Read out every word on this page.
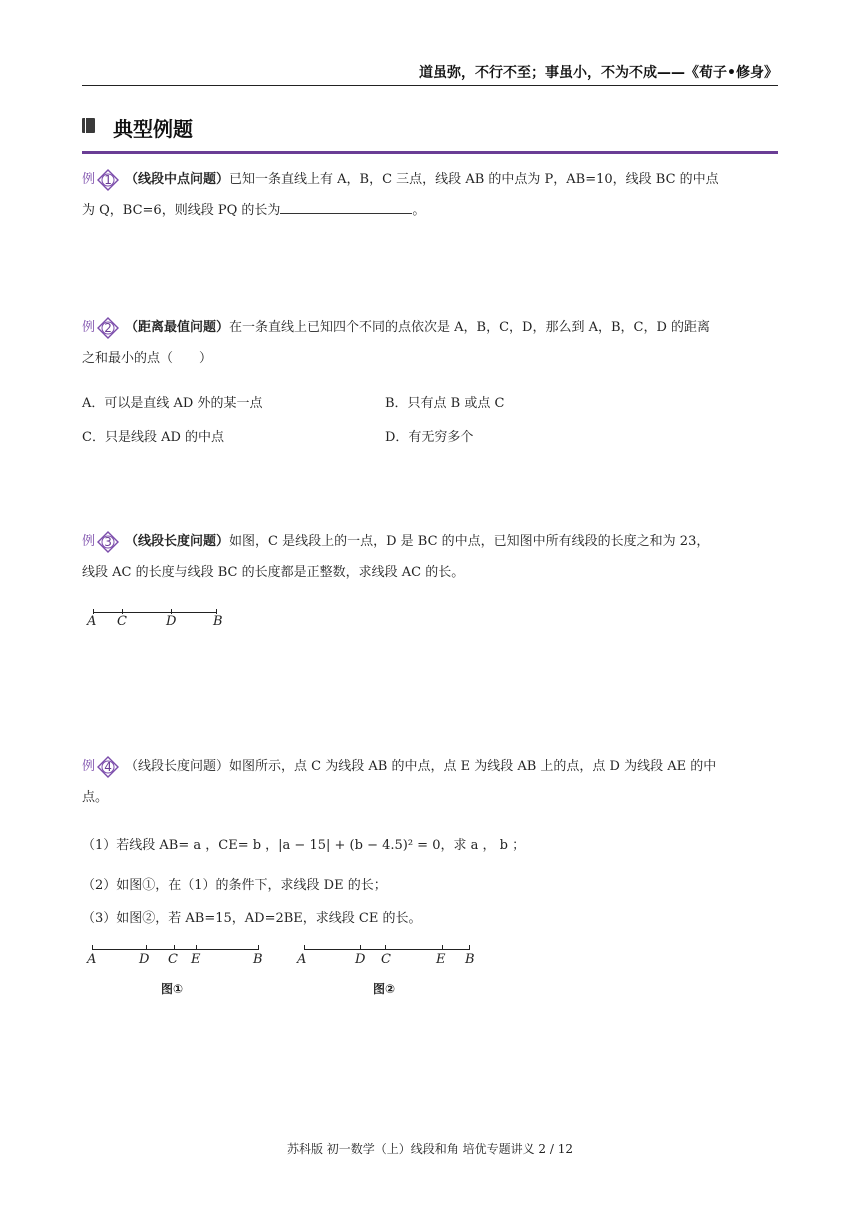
道虽弥，不行不至；事虽小，不为不成——《荀子•修身》
典型例题
例 1	（线段中点问题）已知一条直线上有 A，B，C 三点，线段 AB 的中点为 P，AB=10，线段 BC 的中点
为 Q，BC=6，则线段 PQ 的长为	。
例 2	（距离最值问题）在一条直线上已知四个不同的点依次是 A，B，C，D，那么到 A，B，C，D 的距离
之和最小的点（　　）
A．可以是直线 AD 外的某一点	B．只有点 B 或点 C
C．只是线段 AD 的中点	D．有无穷多个
例 3	（线段长度问题）如图，C 是线段上的一点，D 是 BC 的中点，已知图中所有线段的长度之和为 23，
线段 AC 的长度与线段 BC 的长度都是正整数，求线段 AC 的长。
A C	D	B
例 4	（线段长度问题）如图所示，点 C 为线段 AB 的中点，点 E 为线段 AB 上的点，点 D 为线段 AE 的中
点。
（1）若线段 AB= a ，CE= b ，|a − 15| + (b − 4.5)² = 0，求 a ， b ；
（2）如图①，在（1）的条件下，求线段 DE 的长；
（3）如图②，若 AB=15，AD=2BE，求线段 CE 的长。
A	D C E	B
图①
A	D C	E B
图②
苏科版 初一数学（上）线段和角 培优专题讲义 2 / 12
